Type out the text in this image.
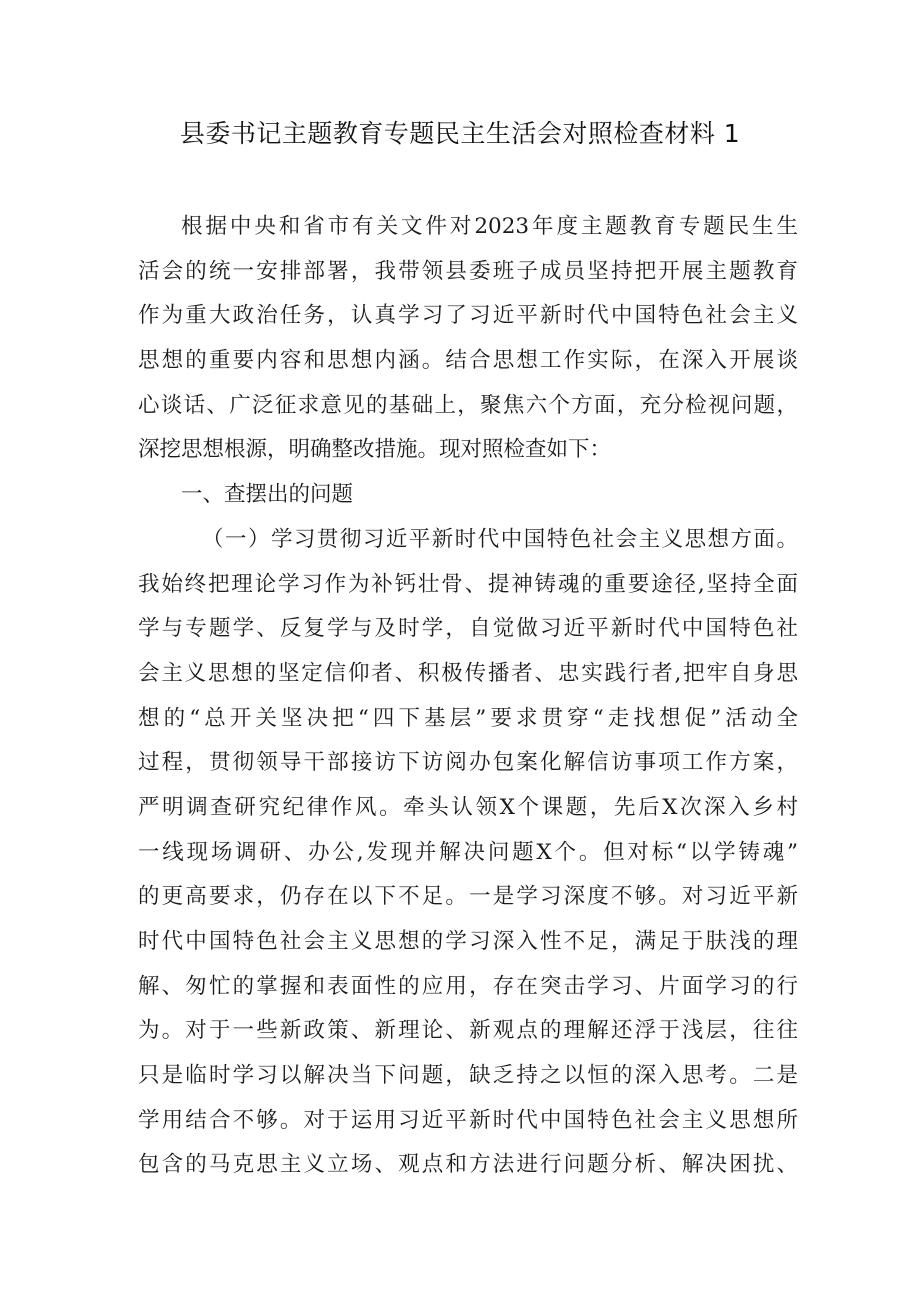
县委书记主题教育专题民主生活会对照检查材料 1
根据中央和省市有关文件对2023年度主题教育专题民生生
活会的统一安排部署，我带领县委班子成员坚持把开展主题教育
作为重大政治任务，认真学习了习近平新时代中国特色社会主义
思想的重要内容和思想内涵。结合思想工作实际，在深入开展谈
心谈话、广泛征求意见的基础上，聚焦六个方面，充分检视问题，
深挖思想根源，明确整改措施。现对照检查如下：
一、查摆出的问题
（一）学习贯彻习近平新时代中国特色社会主义思想方面。
我始终把理论学习作为补钙壮骨、提神铸魂的重要途径,坚持全面
学与专题学、反复学与及时学，自觉做习近平新时代中国特色社
会主义思想的坚定信仰者、积极传播者、忠实践行者,把牢自身思
想的“总开关坚决把“四下基层”要求贯穿“走找想促”活动全
过程，贯彻领导干部接访下访阅办包案化解信访事项工作方案，
严明调查研究纪律作风。牵头认领X个课题，先后X次深入乡村
一线现场调研、办公,发现并解决问题X个。但对标“以学铸魂”
的更高要求，仍存在以下不足。一是学习深度不够。对习近平新
时代中国特色社会主义思想的学习深入性不足，满足于肤浅的理
解、匆忙的掌握和表面性的应用，存在突击学习、片面学习的行
为。对于一些新政策、新理论、新观点的理解还浮于浅层，往往
只是临时学习以解决当下问题，缺乏持之以恒的深入思考。二是
学用结合不够。对于运用习近平新时代中国特色社会主义思想所
包含的马克思主义立场、观点和方法进行问题分析、解决困扰、
